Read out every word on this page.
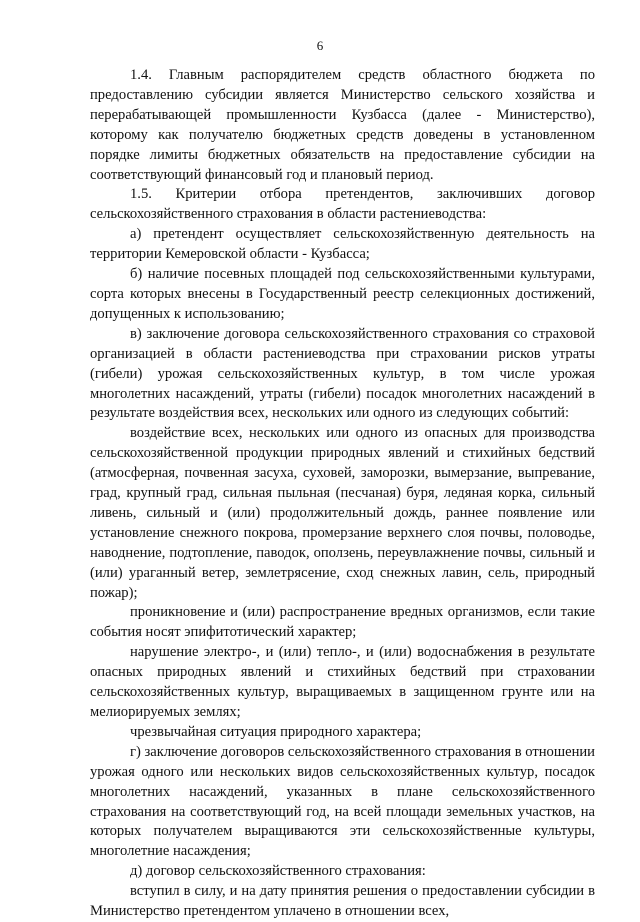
6

1.4. Главным распорядителем средств областного бюджета по предоставлению субсидии является Министерство сельского хозяйства и перерабатывающей промышленности Кузбасса (далее - Министерство), которому как получателю бюджетных средств доведены в установленном порядке лимиты бюджетных обязательств на предоставление субсидии на соответствующий финансовый год и плановый период.

1.5. Критерии отбора претендентов, заключивших договор сельскохозяйственного страхования в области растениеводства:

а) претендент осуществляет сельскохозяйственную деятельность на территории Кемеровской области - Кузбасса;

б) наличие посевных площадей под сельскохозяйственными культурами, сорта которых внесены в Государственный реестр селекционных достижений, допущенных к использованию;

в) заключение договора сельскохозяйственного страхования со страховой организацией в области растениеводства при страховании рисков утраты (гибели) урожая сельскохозяйственных культур, в том числе урожая многолетних насаждений, утраты (гибели) посадок многолетних насаждений в результате воздействия всех, нескольких или одного из следующих событий:

воздействие всех, нескольких или одного из опасных для производства сельскохозяйственной продукции природных явлений и стихийных бедствий (атмосферная, почвенная засуха, суховей, заморозки, вымерзание, выпревание, град, крупный град, сильная пыльная (песчаная) буря, ледяная корка, сильный ливень, сильный и (или) продолжительный дождь, раннее появление или установление снежного покрова, промерзание верхнего слоя почвы, половодье, наводнение, подтопление, паводок, оползень, переувлажнение почвы, сильный и (или) ураганный ветер, землетрясение, сход снежных лавин, сель, природный пожар);

проникновение и (или) распространение вредных организмов, если такие события носят эпифитотический характер;

нарушение электро-, и (или) тепло-, и (или) водоснабжения в результате опасных природных явлений и стихийных бедствий при страховании сельскохозяйственных культур, выращиваемых в защищенном грунте или на мелиорируемых землях;

чрезвычайная ситуация природного характера;

г) заключение договоров сельскохозяйственного страхования в отношении урожая одного или нескольких видов сельскохозяйственных культур, посадок многолетних насаждений, указанных в плане сельскохозяйственного страхования на соответствующий год, на всей площади земельных участков, на которых получателем выращиваются эти сельскохозяйственные культуры, многолетние насаждения;

д) договор сельскохозяйственного страхования:

вступил в силу, и на дату принятия решения о предоставлении субсидии в Министерство претендентом уплачено в отношении всех,
